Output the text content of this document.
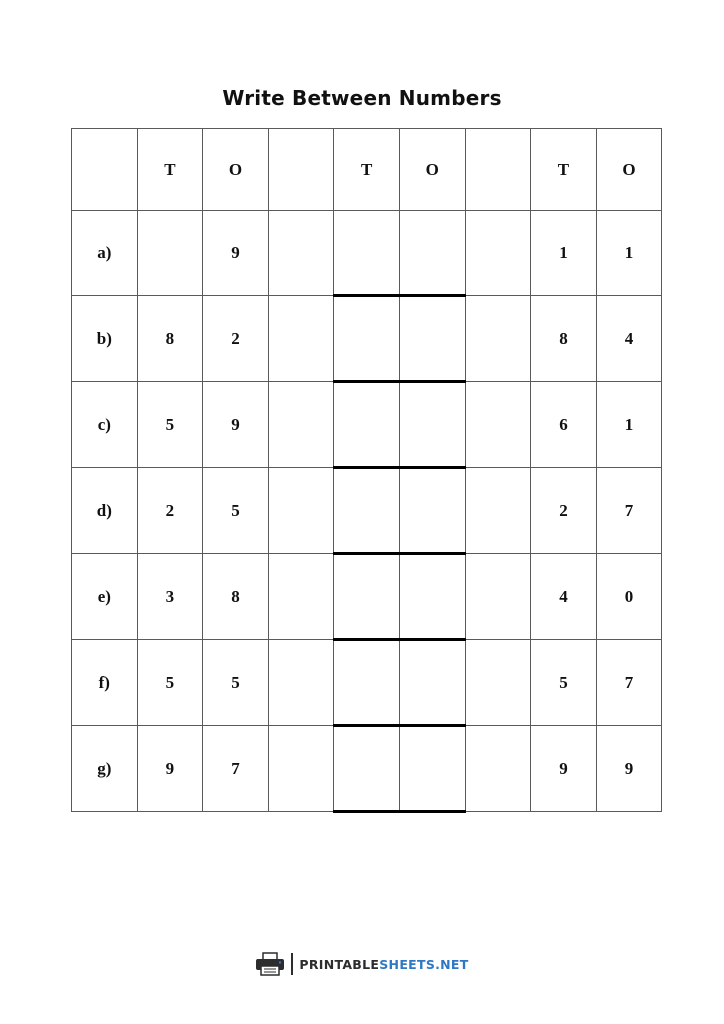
Write Between Numbers
	T	O		T	O		T	O
a)		9					1	1
b)	8	2					8	4
c)	5	9					6	1
d)	2	5					2	7
e)	3	8					4	0
f)	5	5					5	7
g)	9	7					9	9
PRINTABLESHEETS.NET
